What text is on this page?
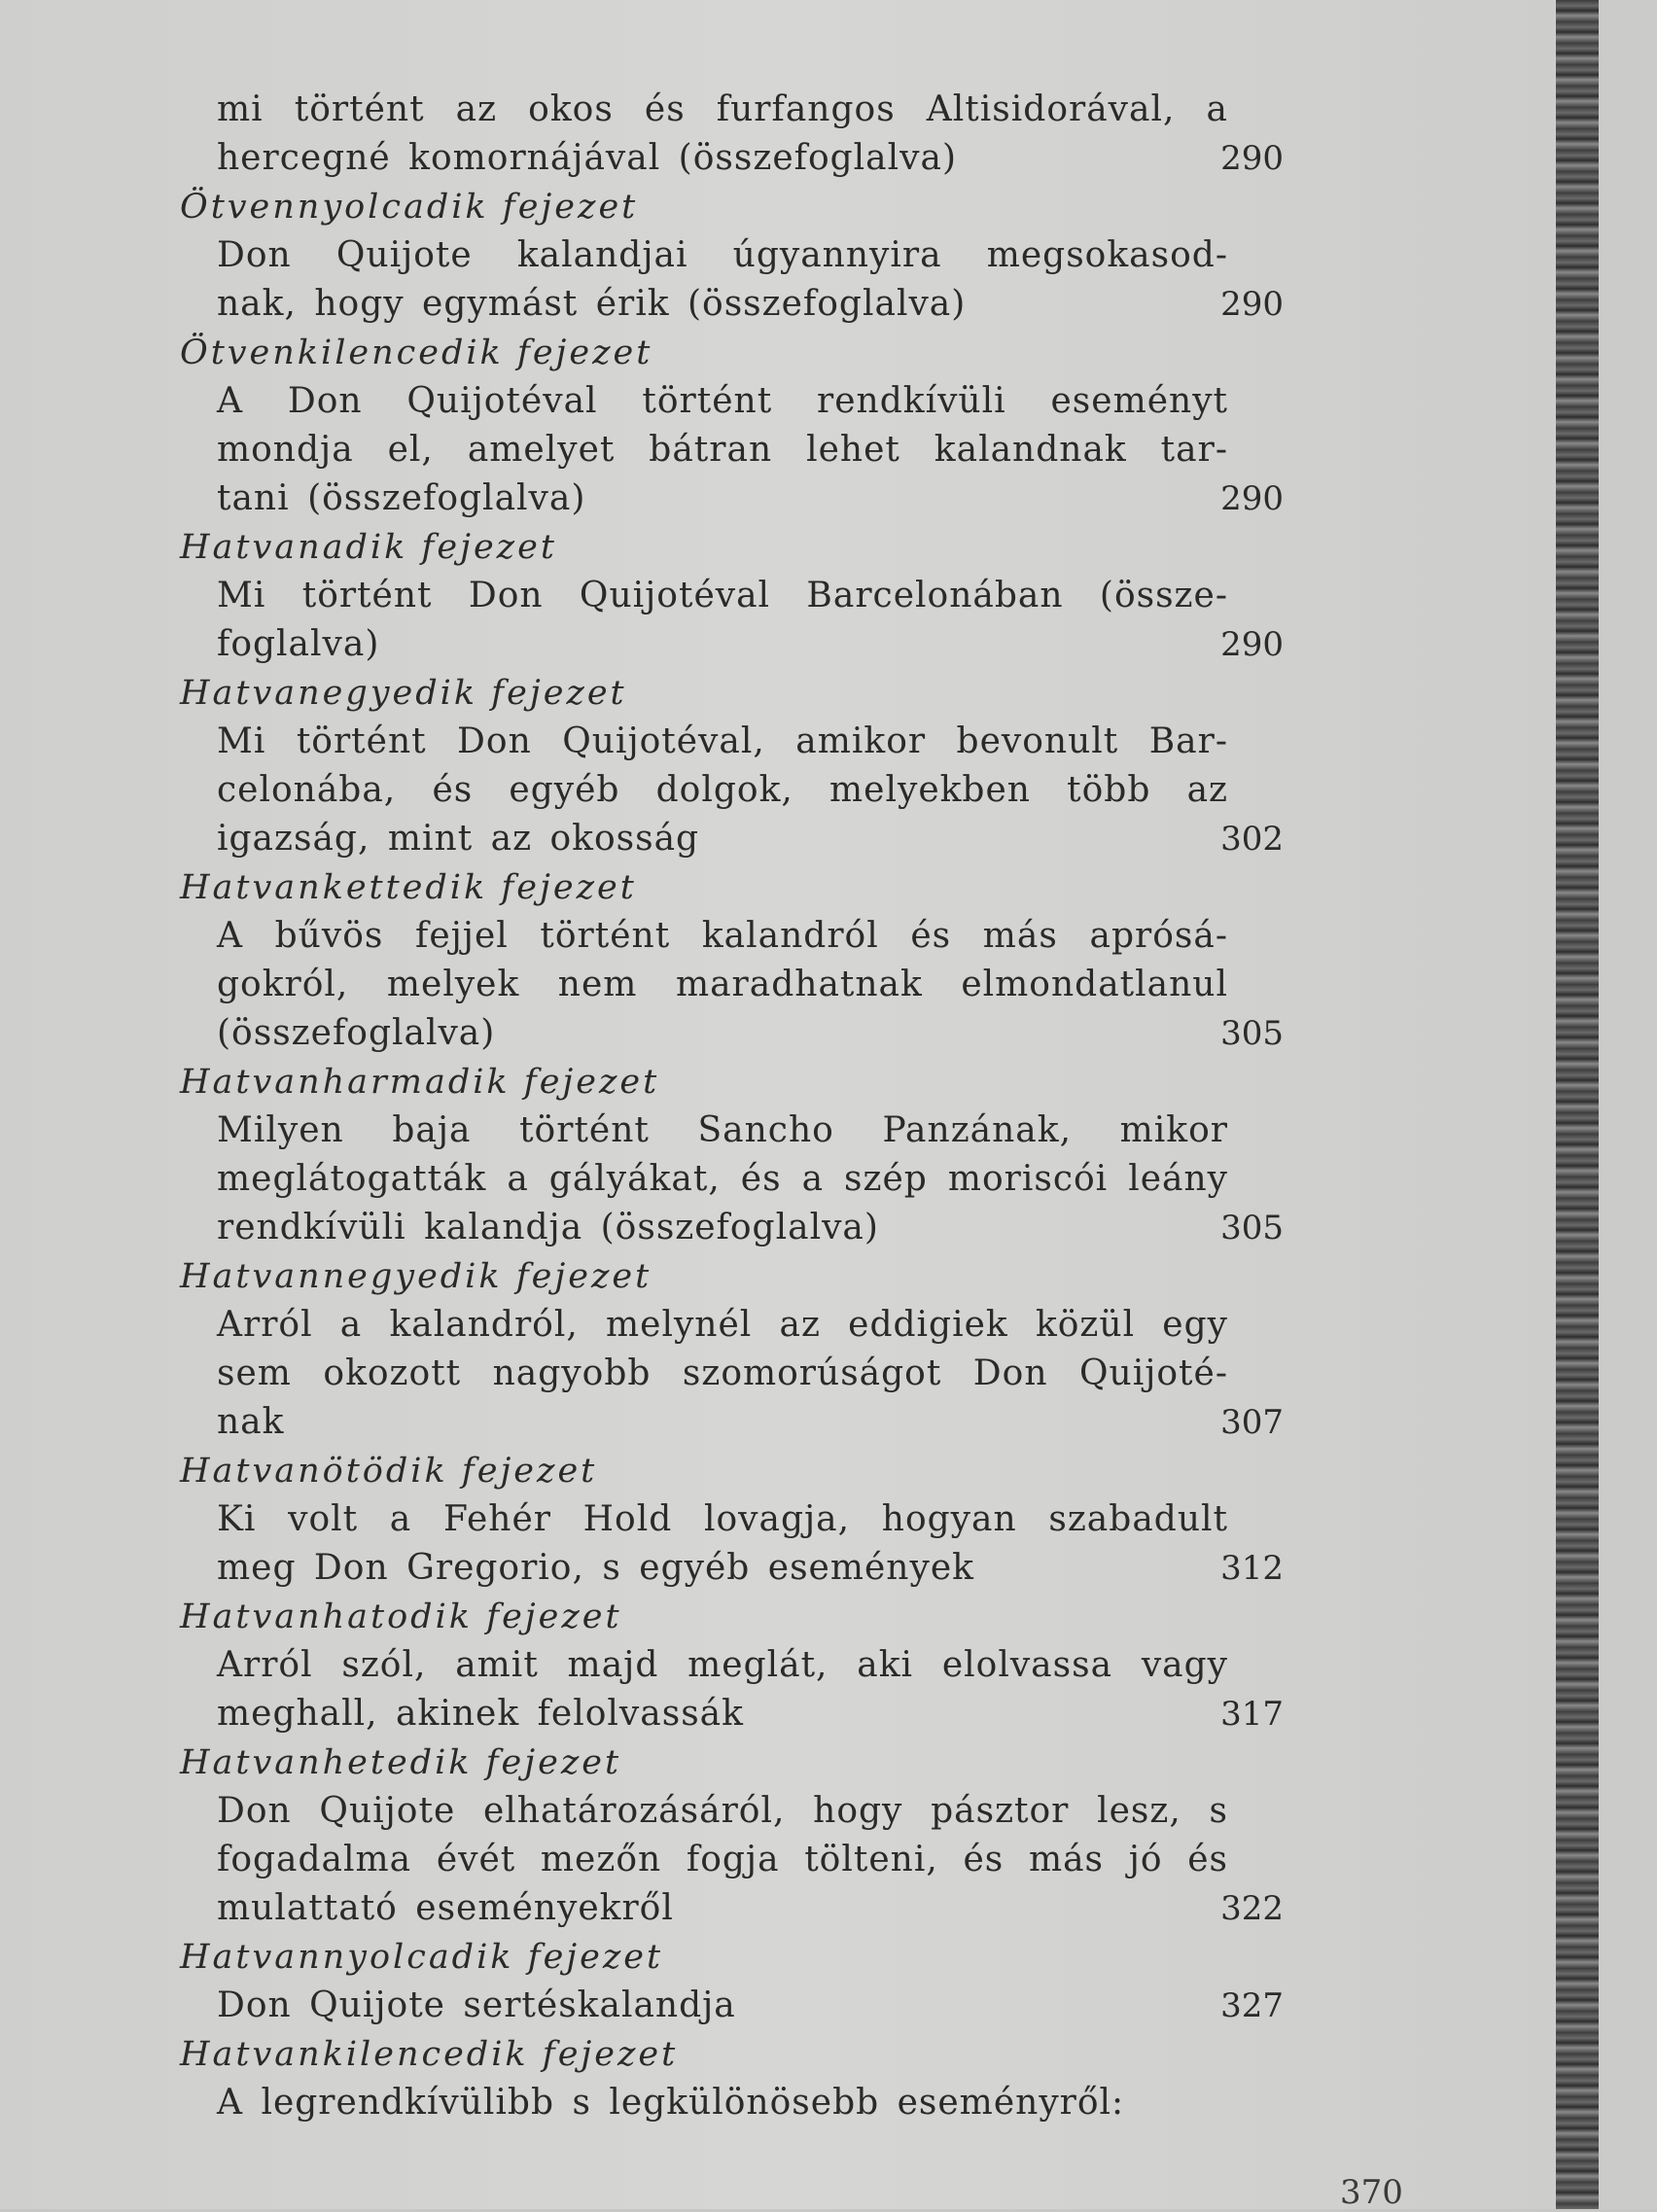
mi történt az okos és furfangos Altisidorával, a
hercegné komornájával (összefoglalva)	290
Ötvennyolcadik fejezet
Don Quijote kalandjai úgyannyira megsokasod-
nak, hogy egymást érik (összefoglalva)	290
Ötvenkilencedik fejezet
A Don Quijotéval történt rendkívüli eseményt
mondja el, amelyet bátran lehet kalandnak tar-
tani (összefoglalva)	290
Hatvanadik fejezet
Mi történt Don Quijotéval Barcelonában (össze-
foglalva)	290
Hatvanegyedik fejezet
Mi történt Don Quijotéval, amikor bevonult Bar-
celonába, és egyéb dolgok, melyekben több az
igazság, mint az okosság	302
Hatvankettedik fejezet
A bűvös fejjel történt kalandról és más aprósá-
gokról, melyek nem maradhatnak elmondatlanul
(összefoglalva)	305
Hatvanharmadik fejezet
Milyen baja történt Sancho Panzának, mikor
meglátogatták a gályákat, és a szép moriscói leány
rendkívüli kalandja (összefoglalva)	305
Hatvannegyedik fejezet
Arról a kalandról, melynél az eddigiek közül egy
sem okozott nagyobb szomorúságot Don Quijoté-
nak	307
Hatvanötödik fejezet
Ki volt a Fehér Hold lovagja, hogyan szabadult
meg Don Gregorio, s egyéb események	312
Hatvanhatodik fejezet
Arról szól, amit majd meglát, aki elolvassa vagy
meghall, akinek felolvassák	317
Hatvanhetedik fejezet
Don Quijote elhatározásáról, hogy pásztor lesz, s
fogadalma évét mezőn fogja tölteni, és más jó és
mulattató eseményekről	322
Hatvannyolcadik fejezet
Don Quijote sertéskalandja	327
Hatvankilencedik fejezet
A legrendkívülibb s legkülönösebb eseményről:
370
